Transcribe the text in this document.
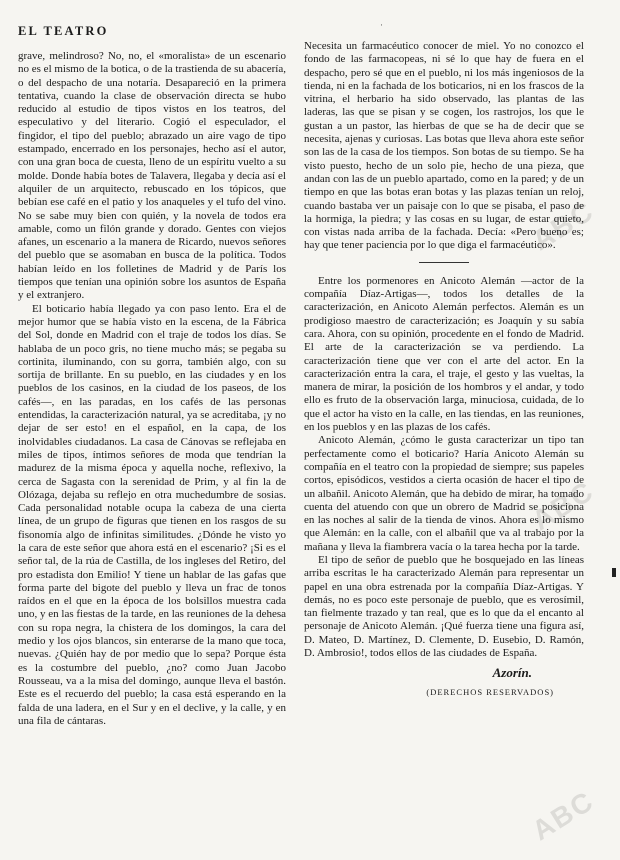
EL TEATRO	·

grave, melindroso? No, no, el «moralista» de un escenario no es el mismo de la botica, o de la trastienda de su abacería, o del despacho de una notaría. Desapareció en la primera tentativa, cuando la clase de observación directa se hubo reducido al estudio de tipos vistos en los teatros, del especulativo y del literario. Cogió el especulador, el fingidor, el tipo del pueblo; abrazado un aire vago de tipo estampado, encerrado en los personajes, hecho así el autor, con una gran boca de cuesta, lleno de un espíritu vuelto a su molde. Donde había botes de Talavera, llegaba y decía así el alquiler de un arquitecto, rebuscado en los tópicos, que bebían ese café en el patio y los anaqueles y el tufo del vino. No se sabe muy bien con quién, y la novela de todos era amable, como un filón grande y dorado. Gentes con viejos afanes, un escenario a la manera de Ricardo, nuevos señores del pueblo que se asomaban en busca de la política. Todos habían leído en los folletines de Madrid y de París los tiempos que tenían una opinión sobre los asuntos de España y el extranjero.

El boticario había llegado ya con paso lento. Era el de mejor humor que se había visto en la escena, de la Fábrica del Sol, donde en Madrid con el traje de todos los días. Se hablaba de un poco gris, no tiene mucho más; se pegaba su cortinita, iluminando, con su gorra, también algo, con su sortija de brillante. En su pueblo, en las ciudades y en los pueblos de los casinos, en la ciudad de los paseos, de los cafés—, en las paradas, en los cafés de las personas entendidas, la caracterización natural, ya se acreditaba, ¡y no dejar de ser esto! en el español, en la capa, de los inolvidables ciudadanos. La casa de Cánovas se reflejaba en miles de tipos, íntimos señores de moda que tendrían la madurez de la misma época y aquella noche, reflexivo, la cerca de Sagasta con la serenidad de Prim, y al fin la de Olózaga, dejaba su reflejo en otra muchedumbre de sosias. Cada personalidad notable ocupa la cabeza de una cierta línea, de un grupo de figuras que tienen en los rasgos de su fisonomía algo de infinitas similitudes. ¿Dónde he visto yo la cara de este señor que ahora está en el escenario? ¡Si es el señor tal, de la rúa de Castilla, de los ingleses del Retiro, del pro estadista don Emilio! Y tiene un hablar de las gafas que forma parte del bigote del pueblo y lleva un frac de tonos raídos en el que en la época de los bolsillos muestra cada uno, y en las fiestas de la tarde, en las reuniones de la dehesa con su ropa negra, la chistera de los domingos, la cara del medio y los ojos blancos, sin enterarse de la mano que toca, nuevas. ¿Quién hay de por medio que lo sepa? Porque ésta es la costumbre del pueblo, ¿no? como Juan Jacobo Rousseau, va a la misa del domingo, aunque lleva el bastón. Este es el recuerdo del pueblo; la casa está esperando en la falda de una ladera, en el Sur y en el declive, y la calle, y en una fila de cántaras.

Necesita un farmacéutico conocer de miel. Yo no conozco el fondo de las farmacopeas, ni sé lo que hay de fuera en el despacho, pero sé que en el pueblo, ni los más ingeniosos de la tienda, ni en la fachada de los boticarios, ni en los frascos de la vitrina, el herbario ha sido observado, las plantas de las laderas, las que se pisan y se cogen, los rastrojos, los que le gustan a un pastor, las hierbas de que se ha de decir que se necesita, ajenas y curiosas. Las botas que lleva ahora este señor son las de la casa de los tiempos. Son botas de su tiempo. Se ha visto puesto, hecho de un solo pie, hecho de una pieza, que andan con las de un pueblo apartado, como en la pared; y de un tiempo en que las botas eran botas y las plazas tenían un reloj, cuando bastaba ver un paisaje con lo que se pisaba, el paso de la hormiga, la piedra; y las cosas en su lugar, de estar quieto, con vistas nada arriba de la fachada. Decía: «Pero bueno es; hay que tener paciencia por lo que diga el farmacéutico».

Entre los pormenores en Anicoto Alemán —actor de la compañía Díaz-Artigas—, todos los detalles de la caracterización, en Anicoto Alemán perfectos. Alemán es un prodigioso maestro de caracterización; es Joaquín y su sabía cara. Ahora, con su opinión, procedente en el fondo de Madrid. El arte de la caracterización se va perdiendo. La caracterización tiene que ver con el arte del actor. En la caracterización entra la cara, el traje, el gesto y las vueltas, la manera de mirar, la posición de los hombros y el andar, y todo ello es fruto de la observación larga, minuciosa, cuidada, de lo que el actor ha visto en la calle, en las tiendas, en las reuniones, en los pueblos y en las plazas de los cafés.

Anicoto Alemán, ¿cómo le gusta caracterizar un tipo tan perfectamente como el boticario? Haría Anicoto Alemán su compañía en el teatro con la propiedad de siempre; sus papeles cortos, episódicos, vestidos a cierta ocasión de hacer el tipo de un albañil. Anicoto Alemán, que ha debido de mirar, ha tomado cuenta del atuendo con que un obrero de Madrid se posiciona en las noches al salir de la tienda de vinos. Ahora es lo mismo que Alemán: en la calle, con el albañil que va al trabajo por la mañana y lleva la fiambrera vacía o la tarea hecha por la tarde.

El tipo de señor de pueblo que he bosquejado en las líneas arriba escritas le ha caracterizado Alemán para representar un papel en una obra estrenada por la compañía Díaz-Artigas. Y demás, no es poco este personaje de pueblo, que es verosímil, tan fielmente trazado y tan real, que es lo que da el encanto al personaje de Anicoto Alemán. ¡Qué fuerza tiene una figura así, D. Mateo, D. Martínez, D. Clemente, D. Eusebio, D. Ramón, D. Ambrosio!, todos ellos de las ciudades de España.

Azorín.
(DERECHOS RESERVADOS)
ABC
ABC
ABC
